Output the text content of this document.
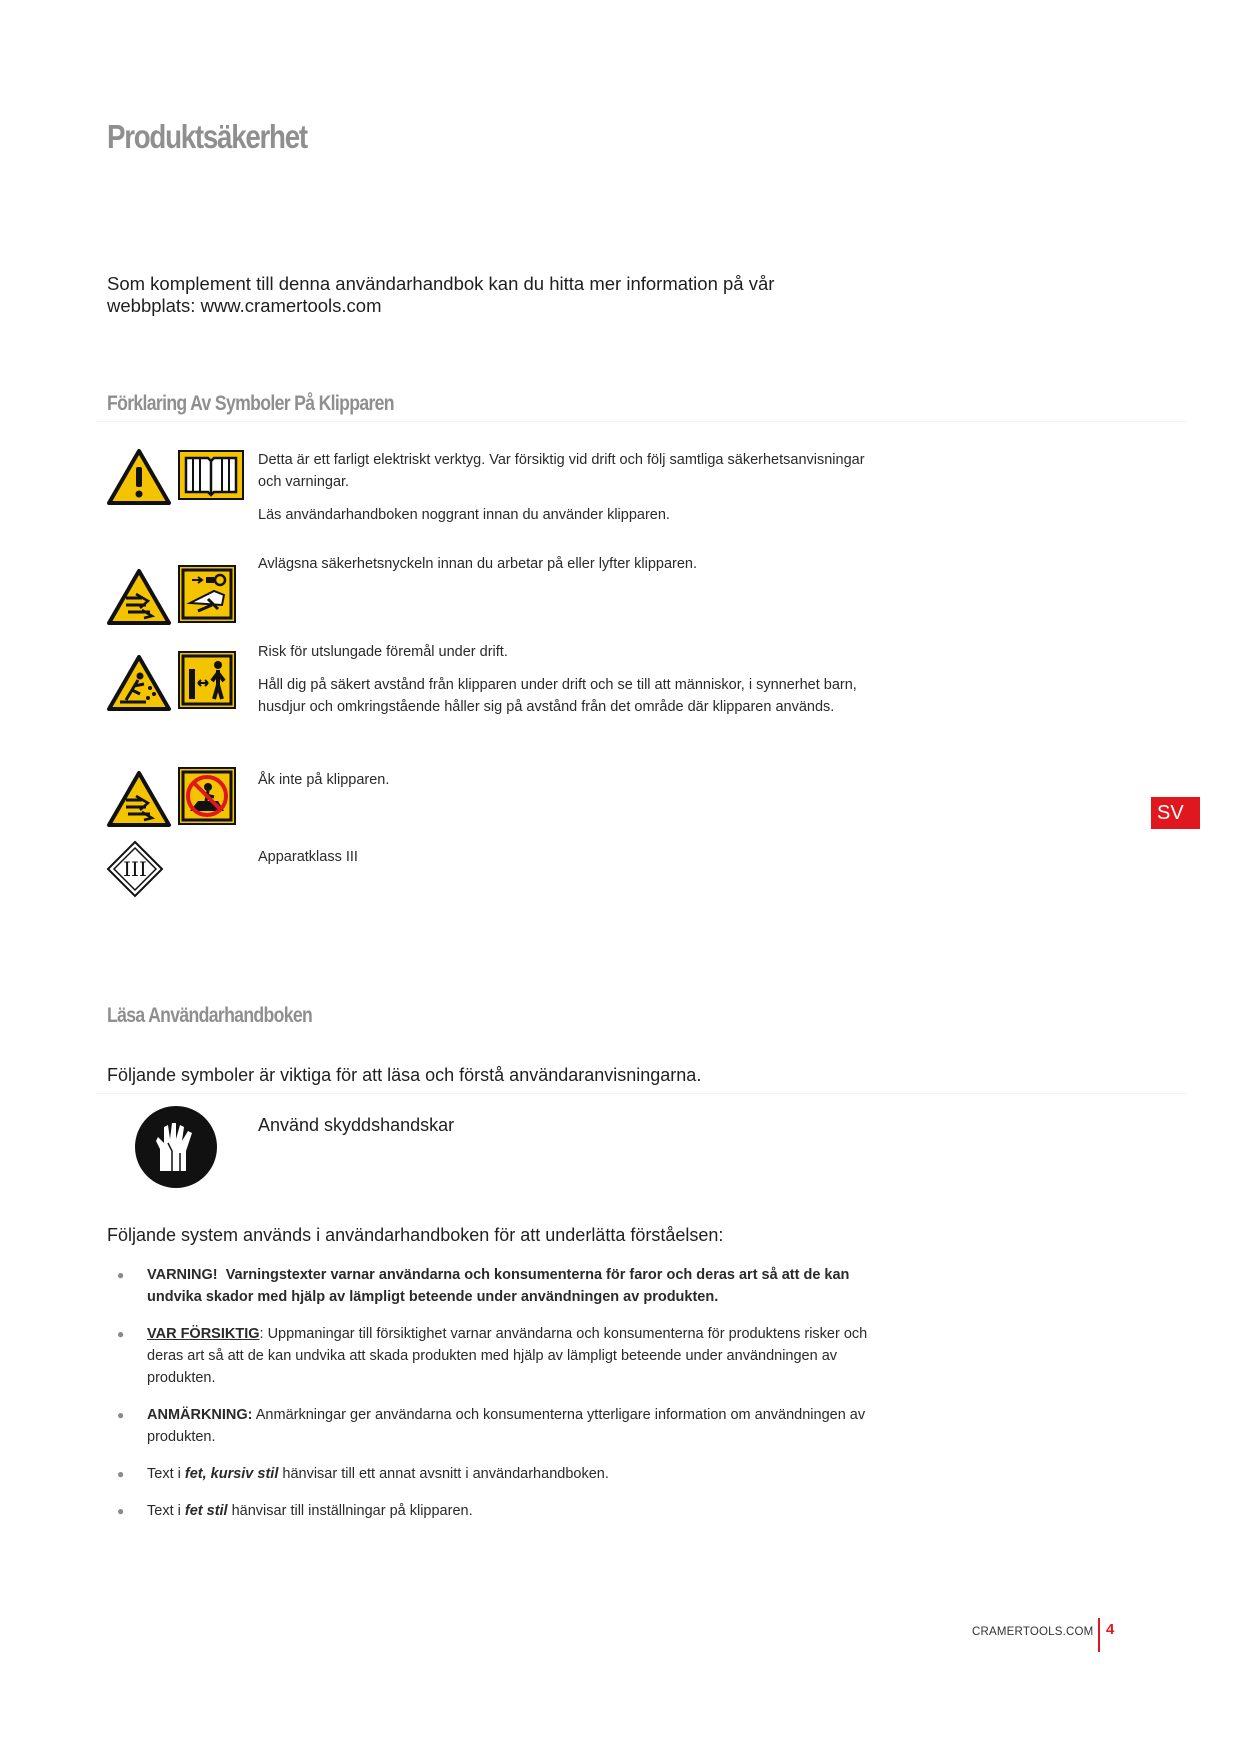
Produktsäkerhet
Som komplement till denna användarhandbok kan du hitta mer information på vår webbplats: www.cramertools.com
Förklaring Av Symboler På Klipparen

Detta är ett farligt elektriskt verktyg. Var försiktig vid drift och följ samtliga säkerhetsanvisningar och varningar.

Läs användarhandboken noggrant innan du använder klipparen.

Avlägsna säkerhetsnyckeln innan du arbetar på eller lyfter klipparen.

Risk för utslungade föremål under drift.

Håll dig på säkert avstånd från klipparen under drift och se till att människor, i synnerhet barn, husdjur och omkringstående håller sig på avstånd från det område där klipparen används.

Åk inte på klipparen.

III	Apparatklass III

Läsa Användarhandboken
Följande symboler är viktiga för att läsa och förstå användaranvisningarna.
Använd skyddshandskar
Följande system används i användarhandboken för att underlätta förståelsen:
● VARNING! Varningstexter varnar användarna och konsumenterna för faror och deras art så att de kan undvika skador med hjälp av lämpligt beteende under användningen av produkten.
● VAR FÖRSIKTIG: Uppmaningar till försiktighet varnar användarna och konsumenterna för produktens risker och deras art så att de kan undvika att skada produkten med hjälp av lämpligt beteende under användningen av produkten.
● ANMÄRKNING: Anmärkningar ger användarna och konsumenterna ytterligare information om användningen av produkten.
● Text i fet, kursiv stil hänvisar till ett annat avsnitt i användarhandboken.
● Text i fet stil hänvisar till inställningar på klipparen.
SV
CRAMERTOOLS.COM 4
